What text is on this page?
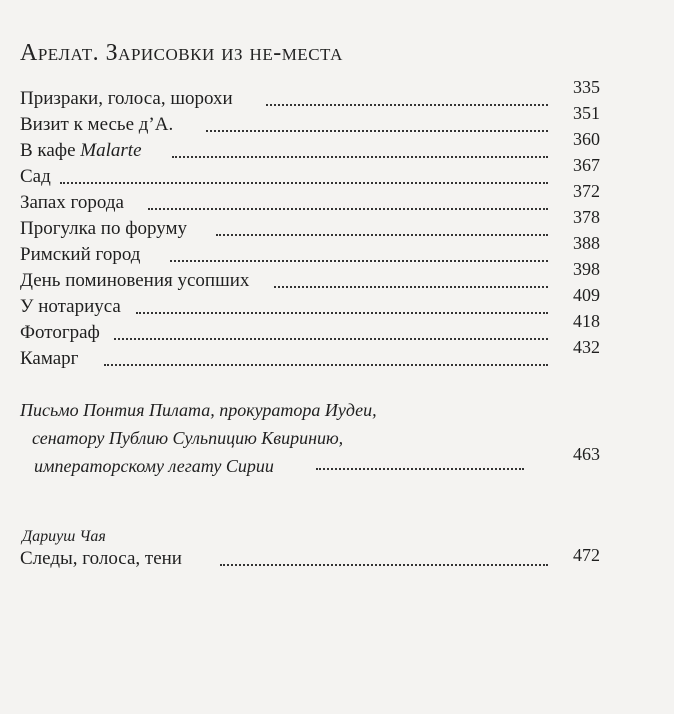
Арелат. Зарисовки из не-места
Призраки, голоса, шорохи
335
Визит к месье д’А.
351
В кафе Malarte
360
Сад
367
Запах города
372
Прогулка по форуму
378
Римский город
388
День поминовения усопших
398
У нотариуса
409
Фотограф
418
Камарг
432
Письмо Понтия Пилата, прокуратора Иудеи,
сенатору Публию Сульпицию Квиринию,
императорскому легату Сирии
463
Дариуш Чая
Следы, голоса, тени	472
